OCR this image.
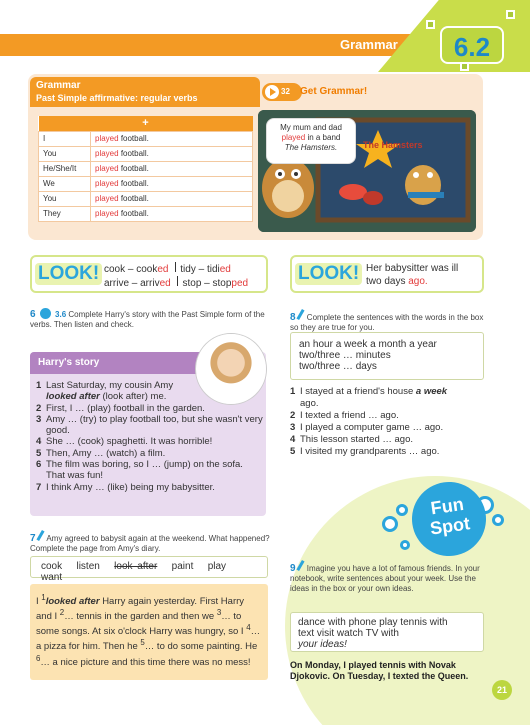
Grammar	6.2
Grammar
Past Simple affirmative: regular verbs
+	
I	played football.
You	played football.
He/She/It	played football.
We	played football.
You	played football.
They	played football.
32 Get Grammar!
The Hamsters
My mum and dad
played in a band
The Hamsters.
LOOK! cook – cooked tidy – tidied
arrive – arrived stop – stopped	LOOK! Her babysitter was ill
two days ago.
6 3.6 Complete Harry's story with the Past Simple form of the verbs. Then listen and check.
Harry's story
1 Last Saturday, my cousin Amy
looked after (look after) me.
2 First, I … (play) football in the garden.
3 Amy … (try) to play football too, but she wasn't very good.
4 She … (cook) spaghetti. It was horrible!
5 Then, Amy … (watch) a film.
6 The film was boring, so I … (jump) on the sofa. That was fun!
7 I think Amy … (like) being my babysitter.
7 Amy agreed to babysit again at the weekend. What happened? Complete the page from Amy's diary.
cook listen look after paint play   want
I $^1$looked after Harry again yesterday. First Harry and I $^2$… tennis in the garden and then we $^3$… to some songs. At six o'clock Harry was hungry, so I $^4$… a pizza for him. Then he $^5$… to do some painting. He $^6$… a nice picture and this time there was no mess!
Fun
Spot
8 Complete the sentences with the words in the box so they are true for you.
an hour a week a month a year
two/three … minutes
two/three … days
1 I stayed at a friend's house a week
ago.
2 I texted a friend … ago.
3 I played a computer game … ago.
4 This lesson started … ago.
5 I visited my grandparents … ago.
9 Imagine you have a lot of famous friends. In your notebook, write sentences about your week. Use the ideas in the box or your own ideas.
dance with phone play tennis with
text visit watch TV with
your ideas!
On Monday, I played tennis with Novak Djokovic. On Tuesday, I texted the Queen.
21
